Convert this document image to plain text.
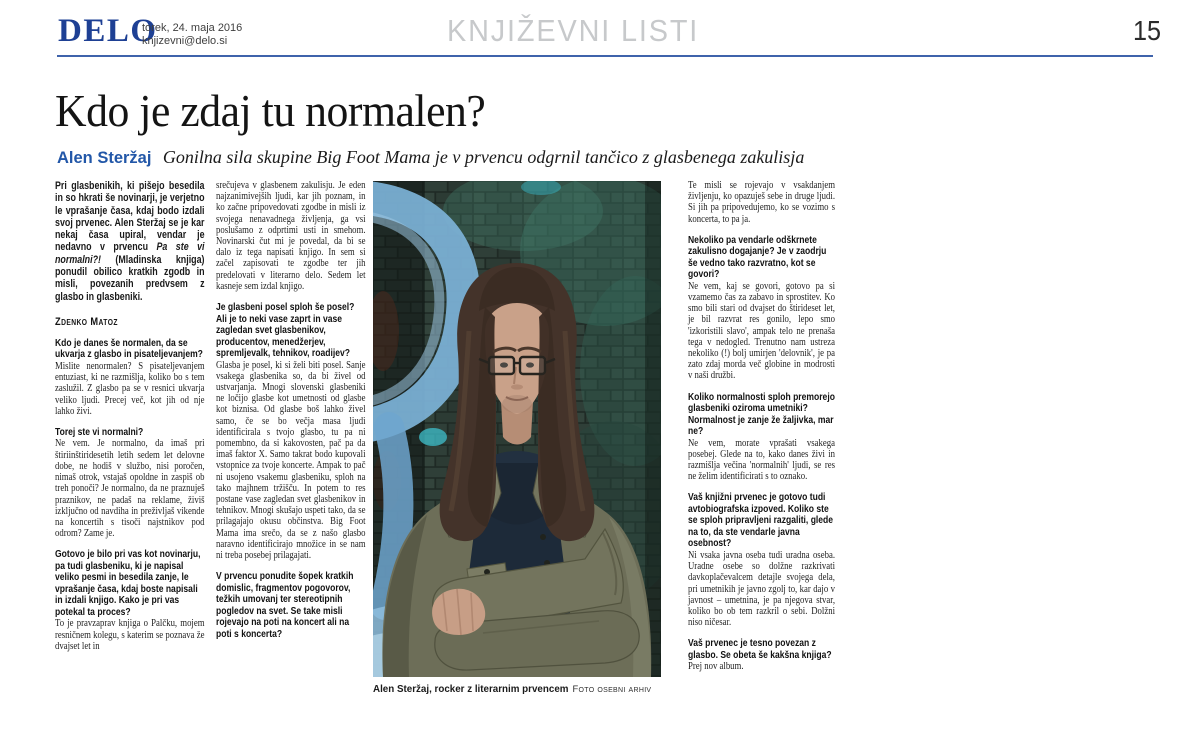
DELO
torek, 24. maja 2016
knjizevni@delo.si	KNJIŽEVNI LISTI	15
Kdo je zdaj tu normalen?
Alen Steržaj Gonilna sila skupine Big Foot Mama je v prvencu odgrnil tančico z glasbenega zakulisja

Pri glasbenikih, ki pišejo besedila in so hkrati še novinarji, je verjetno le vprašanje časa, kdaj bodo izdali svoj prvenec. Alen Steržaj se je kar nekaj časa upiral, vendar je nedavno v prvencu Pa ste vi normalni?! (Mladinska knjiga) ponudil obilico kratkih zgodb in misli, povezanih predvsem z glasbo in glasbeniki.

Zdenko Matoz

Kdo je danes še normalen, da se ukvarja z glasbo in pisateljevanjem?

Mislite nenormalen? S pisateljevanjem entuziast, ki ne razmišlja, koliko bo s tem zaslužil. Z glasbo pa se v resnici ukvarja veliko ljudi. Precej več, kot jih od nje lahko živi.

Torej ste vi normalni?

Ne vem. Je normalno, da imaš pri štiriinštiridesetih letih sedem let delovne dobe, ne hodiš v službo, nisi poročen, nimaš otrok, vstajaš opoldne in zaspiš ob treh ponoči? Je normalno, da ne praznuješ praznikov, ne padaš na reklame, živiš izključno od navdiha in preživljaš vikende na koncertih s tisoči najstnikov pod odrom? Zame je.

Gotovo je bilo pri vas kot novinarju, pa tudi glasbeniku, ki je napisal veliko pesmi in besedila zanje, le vprašanje časa, kdaj boste napisali in izdali knjigo. Kako je pri vas potekal ta proces?

To je pravzaprav knjiga o Palčku, mojem resničnem kolegu, s katerim se poznava že dvajset let in

srečujeva v glasbenem zakulisju. Je eden najzanimivejših ljudi, kar jih poznam, in ko začne pripovedovati zgodbe in misli iz svojega nenavadnega življenja, ga vsi poslušamo z odprtimi usti in smehom. Novinarski čut mi je povedal, da bi se dalo iz tega napisati knjigo. In sem si začel zapisovati te zgodbe ter jih predelovati v literarno delo. Sedem let kasneje sem izdal knjigo.

Je glasbeni posel sploh še posel? Ali je to neki vase zaprt in vase zagledan svet glasbenikov, producentov, menedžerjev, spremljevalk, tehnikov, roadijev?

Glasba je posel, ki si želi biti posel. Sanje vsakega glasbenika so, da bi živel od ustvarjanja. Mnogi slovenski glasbeniki ne ločijo glasbe kot umetnosti od glasbe kot biznisa. Od glasbe boš lahko živel samo, če se bo večja masa ljudi identificirala s tvojo glasbo, tu pa ni pomembno, da si kakovosten, pač pa da imaš faktor X. Samo takrat bodo kupovali vstopnice za tvoje koncerte. Ampak to pač ni usojeno vsakemu glasbeniku, sploh na tako majhnem tržišču. In potem to res postane vase zagledan svet glasbenikov in tehnikov. Mnogi skušajo uspeti tako, da se prilagajajo okusu občinstva. Big Foot Mama ima srečo, da se z našo glasbo naravno identificirajo množice in se nam ni treba posebej prilagajati.

V prvencu ponudite šopek kratkih domislic, fragmentov pogovorov, težkih umovanj ter stereotipnih pogledov na svet. Se take misli rojevajo na poti na koncert ali na poti s koncerta?

Alen Steržaj, rocker z literarnim prvencem Foto osebni arhiv

Te misli se rojevajo v vsakdanjem življenju, ko opazuješ sebe in druge ljudi. Si jih pa pripovedujemo, ko se vozimo s koncerta, to pa ja.

Nekoliko pa vendarle odškrnete zakulisno dogajanje? Je v zaodrju še vedno tako razvratno, kot se govori?

Ne vem, kaj se govori, gotovo pa si vzamemo čas za zabavo in sprostitev. Ko smo bili stari od dvajset do štirideset let, je bil razvrat res gonilo, lepo smo 'izkoristili slavo', ampak telo ne prenaša tega v nedogled. Trenutno nam ustreza nekoliko (!) bolj umirjen 'delovnik', je pa zato zdaj morda več globine in modrosti v naši družbi.

Koliko normalnosti sploh premorejo glasbeniki oziroma umetniki? Normalnost je zanje že žaljivka, mar ne?

Ne vem, morate vprašati vsakega posebej. Glede na to, kako danes živi in razmišlja večina 'normalnih' ljudi, se res ne želim identificirati s to oznako.

Vaš knjižni prvenec je gotovo tudi avtobiografska izpoved. Koliko ste se sploh pripravljeni razgaliti, glede na to, da ste vendarle javna osebnost?

Ni vsaka javna oseba tudi uradna oseba. Uradne osebe so dolžne razkrivati davkoplačevalcem detajle svojega dela, pri umetnikih je javno zgolj to, kar dajo v javnost – umetnina, je pa njegova stvar, koliko bo ob tem razkril o sebi. Dolžni niso ničesar.

Vaš prvenec je tesno povezan z glasbo. Se obeta še kakšna knjiga?

Prej nov album.
